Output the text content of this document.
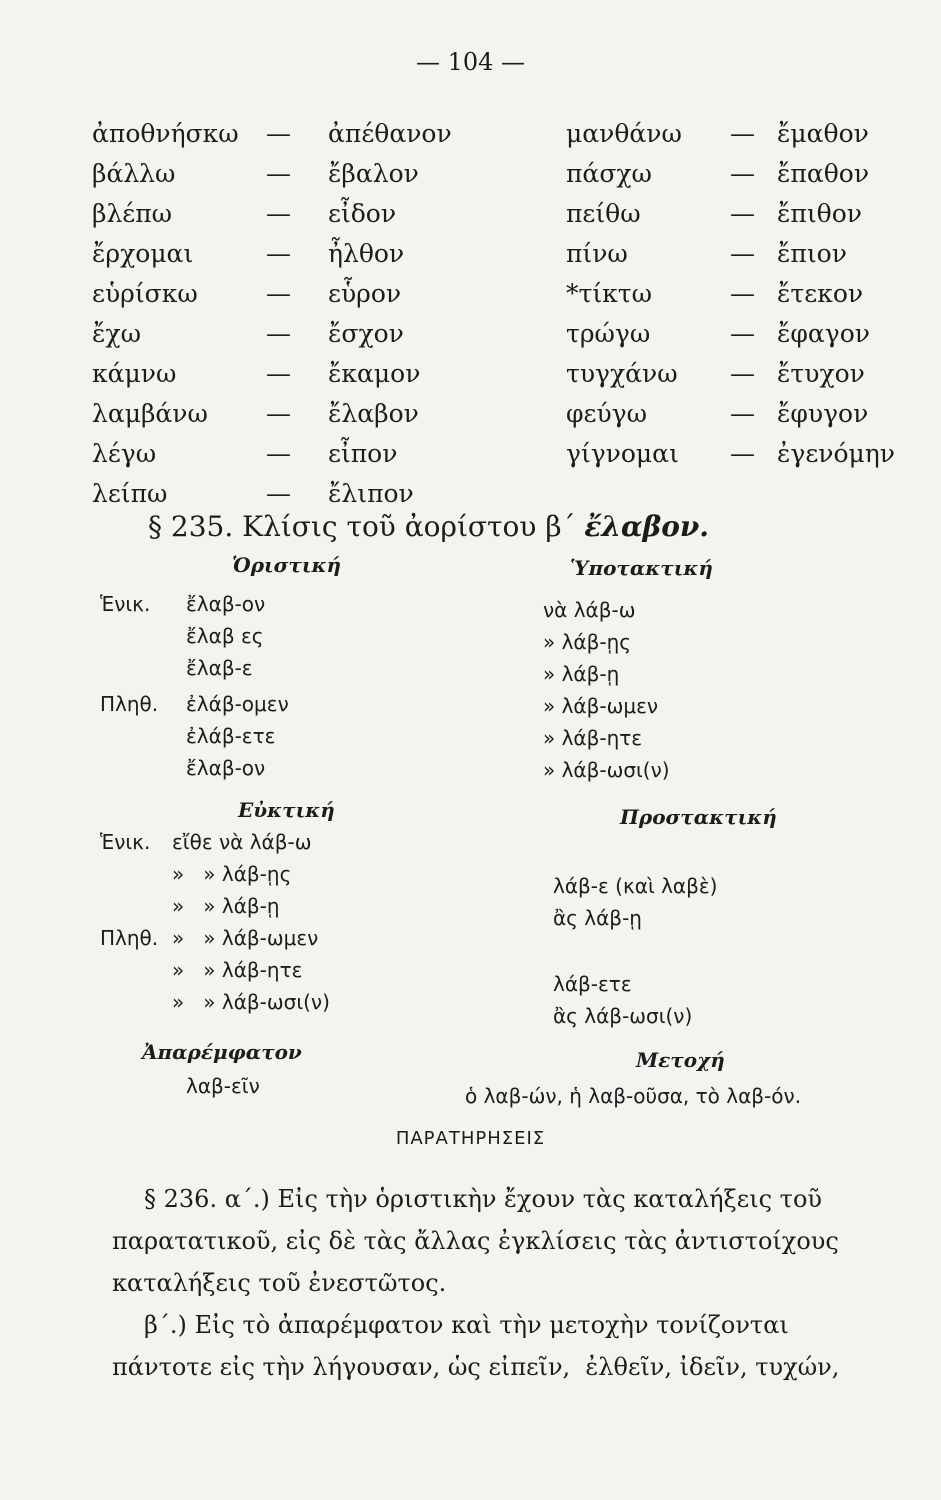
— 104 —
ἀποθνήσκω
βάλλω
βλέπω
ἔρχομαι
εὑρίσκω
ἔχω
κάμνω
λαμβάνω
λέγω
λείπω
—
—
—
—
—
—
—
—
—
—
ἀπέθανον
ἔβαλον
εἶδον
ἦλθον
εὗρον
ἔσχον
ἔκαμον
ἔλαβον
εἶπον
ἔλιπον
μανθάνω
πάσχω
πείθω
πίνω
*τίκτω
τρώγω
τυγχάνω
φεύγω
γίγνομαι
—
—
—
—
—
—
—
—
—
ἔμαθον
ἔπαθον
ἔπιθον
ἔπιον
ἔτεκον
ἔφαγον
ἔτυχον
ἔφυγον
ἐγενόμην
§ 235. Κλίσις τοῦ ἀορίστου β΄ ἔλαβον.
Ὁριστική
Ἑνικ. ἔλαβ-ον
ἔλαβ ες
ἔλαβ-ε
Πληθ. ἐλάβ-ομεν
ἐλάβ-ετε
ἔλαβ-ον
Ὑποτακτική
νὰ λάβ-ω
» λάβ-ῃς
» λάβ-ῃ
» λάβ-ωμεν
» λάβ-ητε
» λάβ-ωσι(ν)
Εὐκτική
Ἑνικ.
Πληθ.
εἴθε νὰ λάβ-ω
»   » λάβ-ῃς
»   » λάβ-ῃ
»   » λάβ-ωμεν
»   » λάβ-ητε
»   » λάβ-ωσι(ν)
Προστακτική
λάβ-ε (καὶ λαβὲ)
ἂς λάβ-ῃ
λάβ-ετε
ἂς λάβ-ωσι(ν)
Ἀπαρέμφατον
λαβ-εῖν
Μετοχή
ὁ λαβ-ών, ἡ λαβ-οῦσα, τὸ λαβ-όν.
ΠΑΡΑΤΗΡΗΣΕΙΣ
§ 236. α΄.) Εἰς τὴν ὁριστικὴν ἔχουν τὰς καταλήξεις τοῦ
παρατατικοῦ, εἰς δὲ τὰς ἄλλας ἐγκλίσεις τὰς ἀντιστοίχους
καταλήξεις τοῦ ἐνεστῶτος.
β΄.) Εἰς τὸ ἀπαρέμφατον καὶ τὴν μετοχὴν τονίζονται
πάντοτε εἰς τὴν λήγουσαν, ὡς εἰπεῖν,  ἐλθεῖν, ἰδεῖν, τυχών,
